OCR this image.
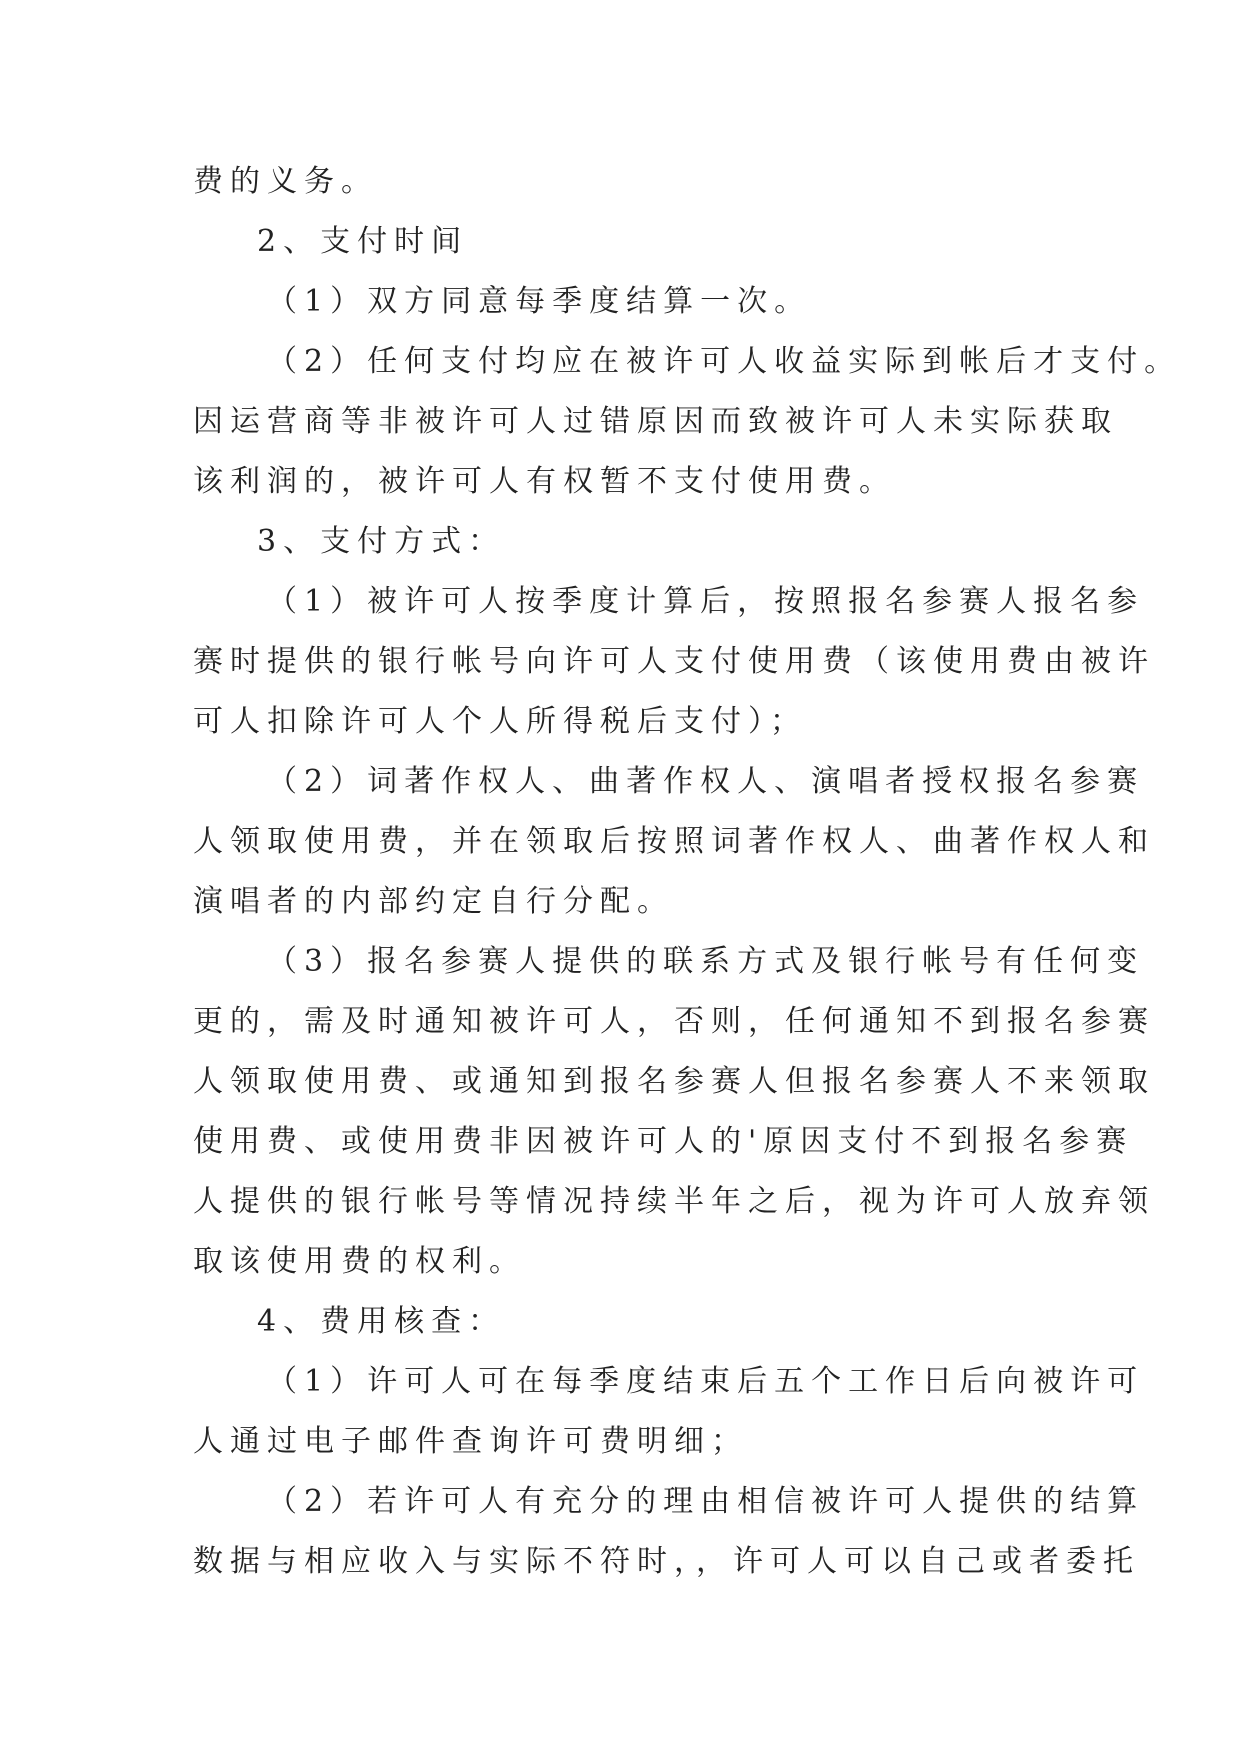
费的义务。
2、支付时间
（1）双方同意每季度结算一次。
（2）任何支付均应在被许可人收益实际到帐后才支付。
因运营商等非被许可人过错原因而致被许可人未实际获取
该利润的，被许可人有权暂不支付使用费。
3、支付方式：
（1）被许可人按季度计算后，按照报名参赛人报名参
赛时提供的银行帐号向许可人支付使用费（该使用费由被许
可人扣除许可人个人所得税后支付）；
（2）词著作权人、曲著作权人、演唱者授权报名参赛
人领取使用费，并在领取后按照词著作权人、曲著作权人和
演唱者的内部约定自行分配。
（3）报名参赛人提供的联系方式及银行帐号有任何变
更的，需及时通知被许可人，否则，任何通知不到报名参赛
人领取使用费、或通知到报名参赛人但报名参赛人不来领取
使用费、或使用费非因被许可人的'原因支付不到报名参赛
人提供的银行帐号等情况持续半年之后，视为许可人放弃领
取该使用费的权利。
4、费用核查：
（1）许可人可在每季度结束后五个工作日后向被许可
人通过电子邮件查询许可费明细；
（2）若许可人有充分的理由相信被许可人提供的结算
数据与相应收入与实际不符时，，许可人可以自己或者委托
